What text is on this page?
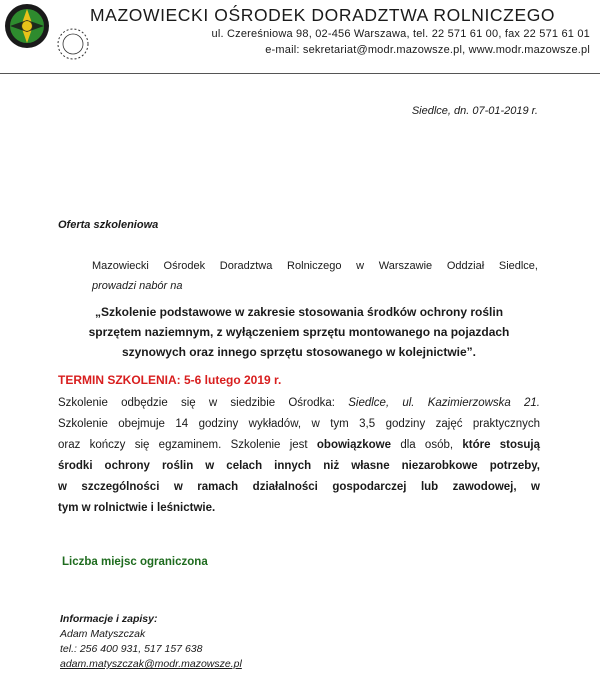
MAZOWIECKI OŚRODEK DORADZTWA ROLNICZEGO
ul. Czereśniowa 98, 02-456 Warszawa, tel. 22 571 61 00, fax 22 571 61 01
e-mail: sekretariat@modr.mazowsze.pl, www.modr.mazowsze.pl
Siedlce, dn. 07-01-2019 r.
Oferta szkoleniowa
Mazowiecki Ośrodek Doradztwa Rolniczego w Warszawie Oddział Siedlce,
prowadzi nabór na
„Szkolenie podstawowe w zakresie stosowania środków ochrony roślin
sprzętem naziemnym, z wyłączeniem sprzętu montowanego na pojazdach
szynowych oraz innego sprzętu stosowanego w kolejnictwie”.
TERMIN SZKOLENIA: 5-6 lutego 2019 r.
Szkolenie odbędzie się w siedzibie Ośrodka: Siedlce, ul. Kazimierzowska 21.
Szkolenie obejmuje 14 godziny wykładów, w tym 3,5 godziny zajęć praktycznych
oraz kończy się egzaminem. Szkolenie jest obowiązkowe dla osób, które stosują
środki ochrony roślin w celach innych niż własne niezarobkowe potrzeby,
w szczególności w ramach działalności gospodarczej lub zawodowej, w
tym w rolnictwie i leśnictwie.
Liczba miejsc ograniczona
Informacje i zapisy:
Adam Matyszczak
tel.: 256 400 931, 517 157 638
adam.matyszczak@modr.mazowsze.pl
